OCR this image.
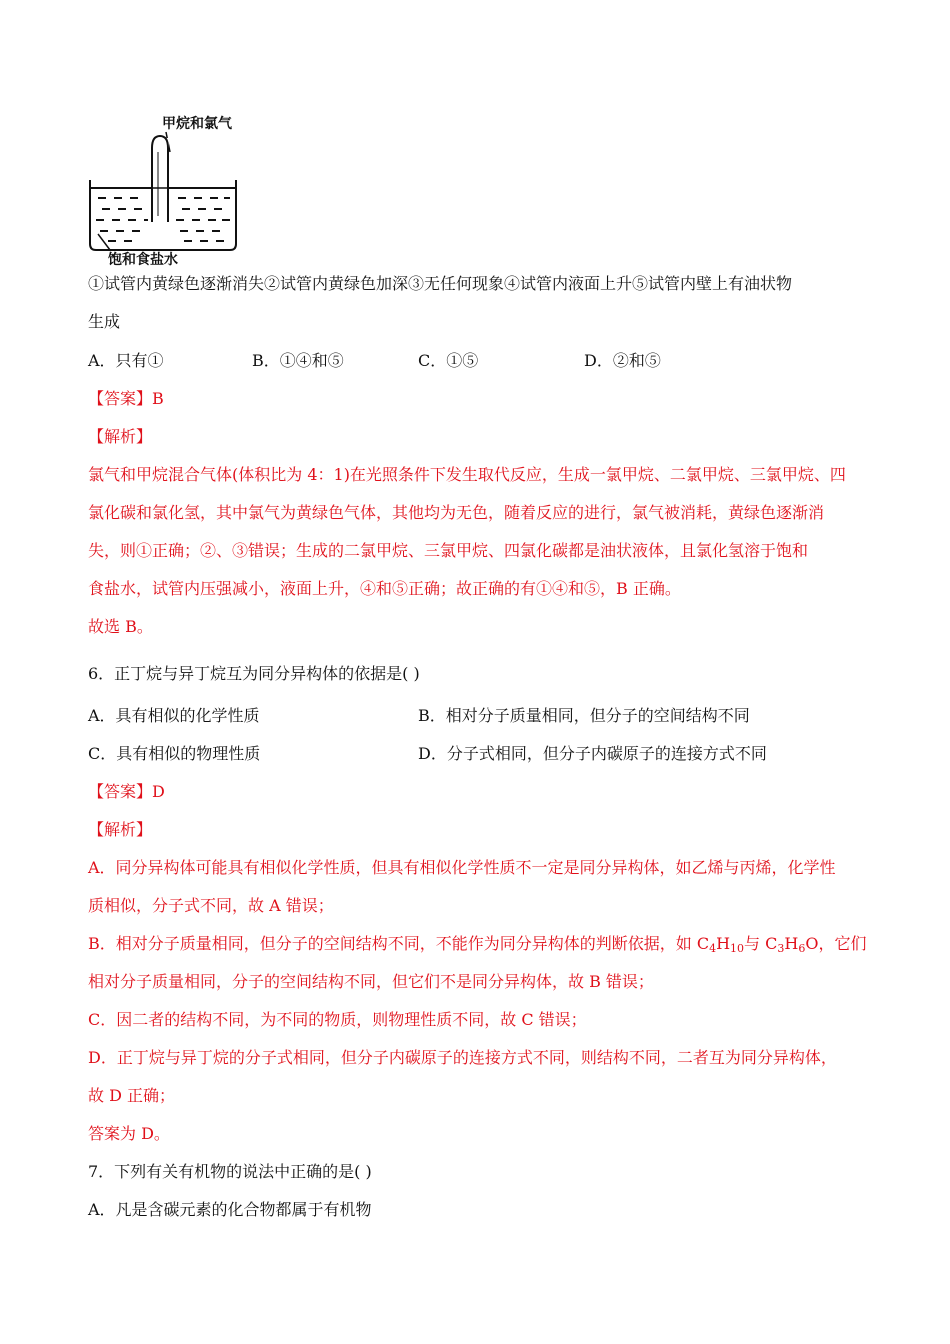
甲烷和氯气
饱和食盐水
①试管内黄绿色逐渐消失②试管内黄绿色加深③无任何现象④试管内液面上升⑤试管内壁上有油状物
生成
A．只有①	B．①④和⑤	C．①⑤	D．②和⑤
【答案】B
【解析】
氯气和甲烷混合气体(体积比为 4：1)在光照条件下发生取代反应，生成一氯甲烷、二氯甲烷、三氯甲烷、四
氯化碳和氯化氢，其中氯气为黄绿色气体，其他均为无色，随着反应的进行，氯气被消耗，黄绿色逐渐消
失，则①正确；②、③错误；生成的二氯甲烷、三氯甲烷、四氯化碳都是油状液体，且氯化氢溶于饱和
食盐水，试管内压强减小，液面上升，④和⑤正确；故正确的有①④和⑤，B 正确。
故选 B。
6．正丁烷与异丁烷互为同分异构体的依据是( )
A．具有相似的化学性质	B．相对分子质量相同，但分子的空间结构不同
C．具有相似的物理性质	D．分子式相同，但分子内碳原子的连接方式不同
【答案】D
【解析】
A．同分异构体可能具有相似化学性质，但具有相似化学性质不一定是同分异构体，如乙烯与丙烯，化学性
质相似，分子式不同，故 A 错误；
B．相对分子质量相同，但分子的空间结构不同，不能作为同分异构体的判断依据，如 $C_4H_{10}$与 $C_3H_6O$，它们
相对分子质量相同，分子的空间结构不同，但它们不是同分异构体，故 B 错误；
C．因二者的结构不同，为不同的物质，则物理性质不同，故 C 错误；
D．正丁烷与异丁烷的分子式相同，但分子内碳原子的连接方式不同，则结构不同，二者互为同分异构体，
故 D 正确；
答案为 D。
7．下列有关有机物的说法中正确的是( )
A．凡是含碳元素的化合物都属于有机物
